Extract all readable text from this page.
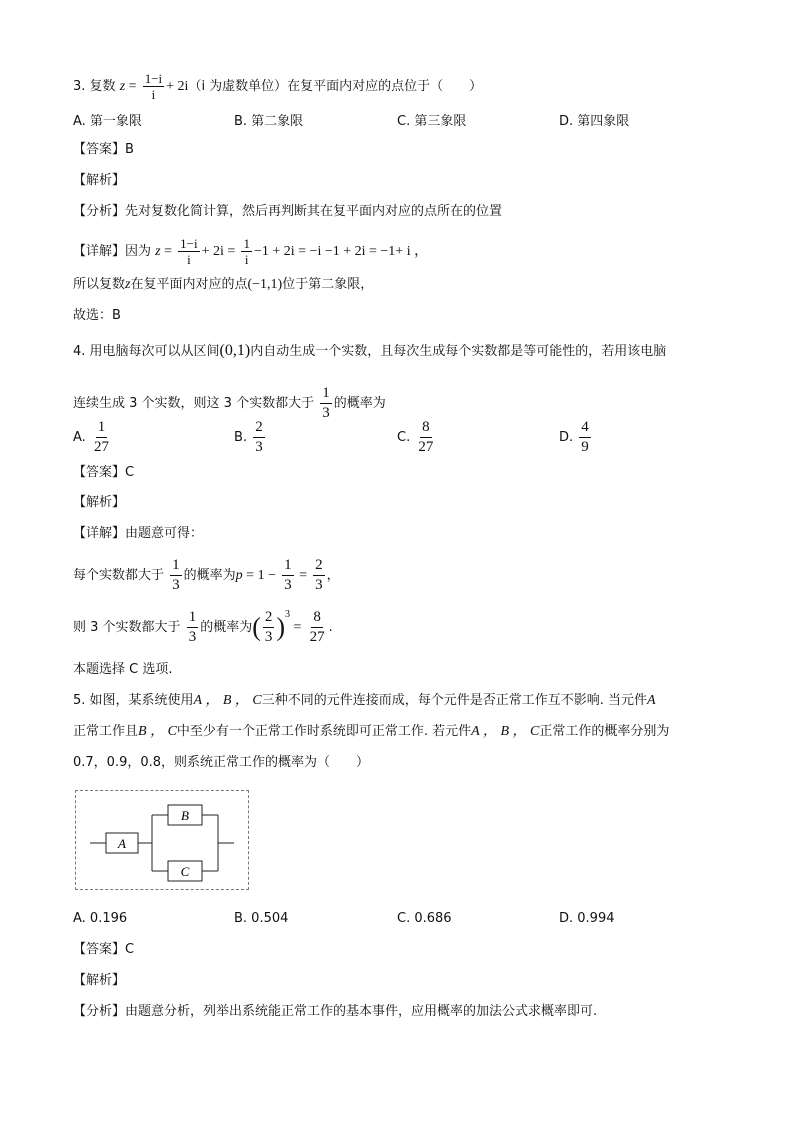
3. 复数 $z = \frac{1-i}{i} + 2i(i$ 为虚数单位）在复平面内对应的点位于（　　）
A. 第一象限	B. 第二象限	C. 第三象限	D. 第四象限
【答案】B
【解析】
【分析】先对复数化简计算，然后再判断其在复平面内对应的点所在的位置
【详解】因为 $z = \frac{1-i}{i} + 2i = \frac{1}{i} -1 + 2i = -i -1 + 2i = -1+ i$ ，
所以复数z在复平面内对应的点(−1,1)位于第二象限，
故选：B
4. 用电脑每次可以从区间(0,1)内自动生成一个实数，且每次生成每个实数都是等可能性的，若用该电脑
连续生成 3 个实数，则这 3 个实数都大于 $\frac{1}{3}$ 的概率为
A. $\frac{1}{27}$	B. $\frac{2}{3}$	C. $\frac{8}{27}$	D. $\frac{4}{9}$
【答案】C
【解析】
【详解】由题意可得：
每个实数都大于 $\frac{1}{3}$ 的概率为$p = 1 - \frac{1}{3} = \frac{2}{3}$ ，
则 3 个实数都大于 $\frac{1}{3}$ 的概率为( $\frac{2}{3} )^3 = \frac{8}{27}$ .
本题选择 C 选项.
5. 如图，某系统使用A ， B ， C三种不同的元件连接而成，每个元件是否正常工作互不影响. 当元件A
正常工作且B ， C中至少有一个正常工作时系统即可正常工作. 若元件A ， B ， C正常工作的概率分别为
0.7，0.9，0.8，则系统正常工作的概率为（　　）
A
B
C
A. 0.196	B. 0.504	C. 0.686	D. 0.994
【答案】C
【解析】
【分析】由题意分析，列举出系统能正常工作的基本事件，应用概率的加法公式求概率即可.
